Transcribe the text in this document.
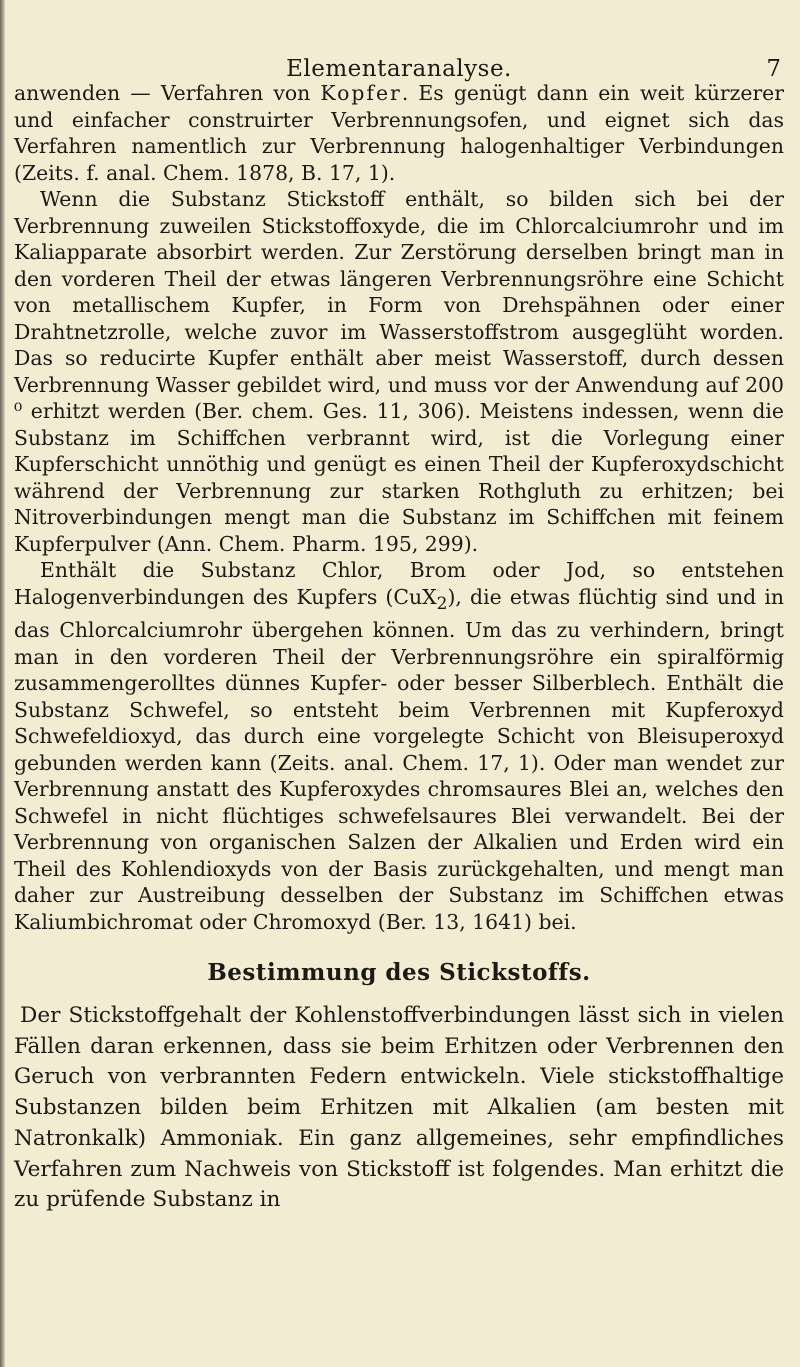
Elementaranalyse.	7

anwenden — Verfahren von Kopfer. Es genügt dann ein weit kürzerer und einfacher construirter Verbrennungsofen, und eignet sich das Verfahren namentlich zur Verbrennung halogenhaltiger Verbindungen (Zeits. f. anal. Chem. 1878, B. 17, 1).

Wenn die Substanz Stickstoff enthält, so bilden sich bei der Verbrennung zuweilen Stickstoffoxyde, die im Chlorcalciumrohr und im Kaliapparate absorbirt werden. Zur Zerstörung derselben bringt man in den vorderen Theil der etwas längeren Verbrennungsröhre eine Schicht von metallischem Kupfer, in Form von Drehspähnen oder einer Drahtnetzrolle, welche zuvor im Wasserstoffstrom ausgeglüht worden. Das so reducirte Kupfer enthält aber meist Wasserstoff, durch dessen Verbrennung Wasser gebildet wird, und muss vor der Anwendung auf 200 ⁰ erhitzt werden (Ber. chem. Ges. 11, 306). Meistens indessen, wenn die Substanz im Schiffchen verbrannt wird, ist die Vorlegung einer Kupferschicht unnöthig und genügt es einen Theil der Kupferoxydschicht während der Verbrennung zur starken Rothgluth zu erhitzen; bei Nitroverbindungen mengt man die Substanz im Schiffchen mit feinem Kupferpulver (Ann. Chem. Pharm. 195, 299).

Enthält die Substanz Chlor, Brom oder Jod, so entstehen Halogenverbindungen des Kupfers (CuX$_2$), die etwas flüchtig sind und in das Chlorcalciumrohr übergehen können. Um das zu verhindern, bringt man in den vorderen Theil der Verbrennungsröhre ein spiralförmig zusammengerolltes dünnes Kupfer- oder besser Silberblech. Enthält die Substanz Schwefel, so entsteht beim Verbrennen mit Kupferoxyd Schwefeldioxyd, das durch eine vorgelegte Schicht von Bleisuperoxyd gebunden werden kann (Zeits. anal. Chem. 17, 1). Oder man wendet zur Verbrennung anstatt des Kupferoxydes chromsaures Blei an, welches den Schwefel in nicht flüchtiges schwefelsaures Blei verwandelt. Bei der Verbrennung von organischen Salzen der Alkalien und Erden wird ein Theil des Kohlendioxyds von der Basis zurückgehalten, und mengt man daher zur Austreibung desselben der Substanz im Schiffchen etwas Kaliumbichromat oder Chromoxyd (Ber. 13, 1641) bei.

Bestimmung des Stickstoffs.

Der Stickstoffgehalt der Kohlenstoffverbindungen lässt sich in vielen Fällen daran erkennen, dass sie beim Erhitzen oder Verbrennen den Geruch von verbrannten Federn entwickeln. Viele stickstoffhaltige Substanzen bilden beim Erhitzen mit Alkalien (am besten mit Natronkalk) Ammoniak. Ein ganz allgemeines, sehr empfindliches Verfahren zum Nachweis von Stickstoff ist folgendes. Man erhitzt die zu prüfende Substanz in
